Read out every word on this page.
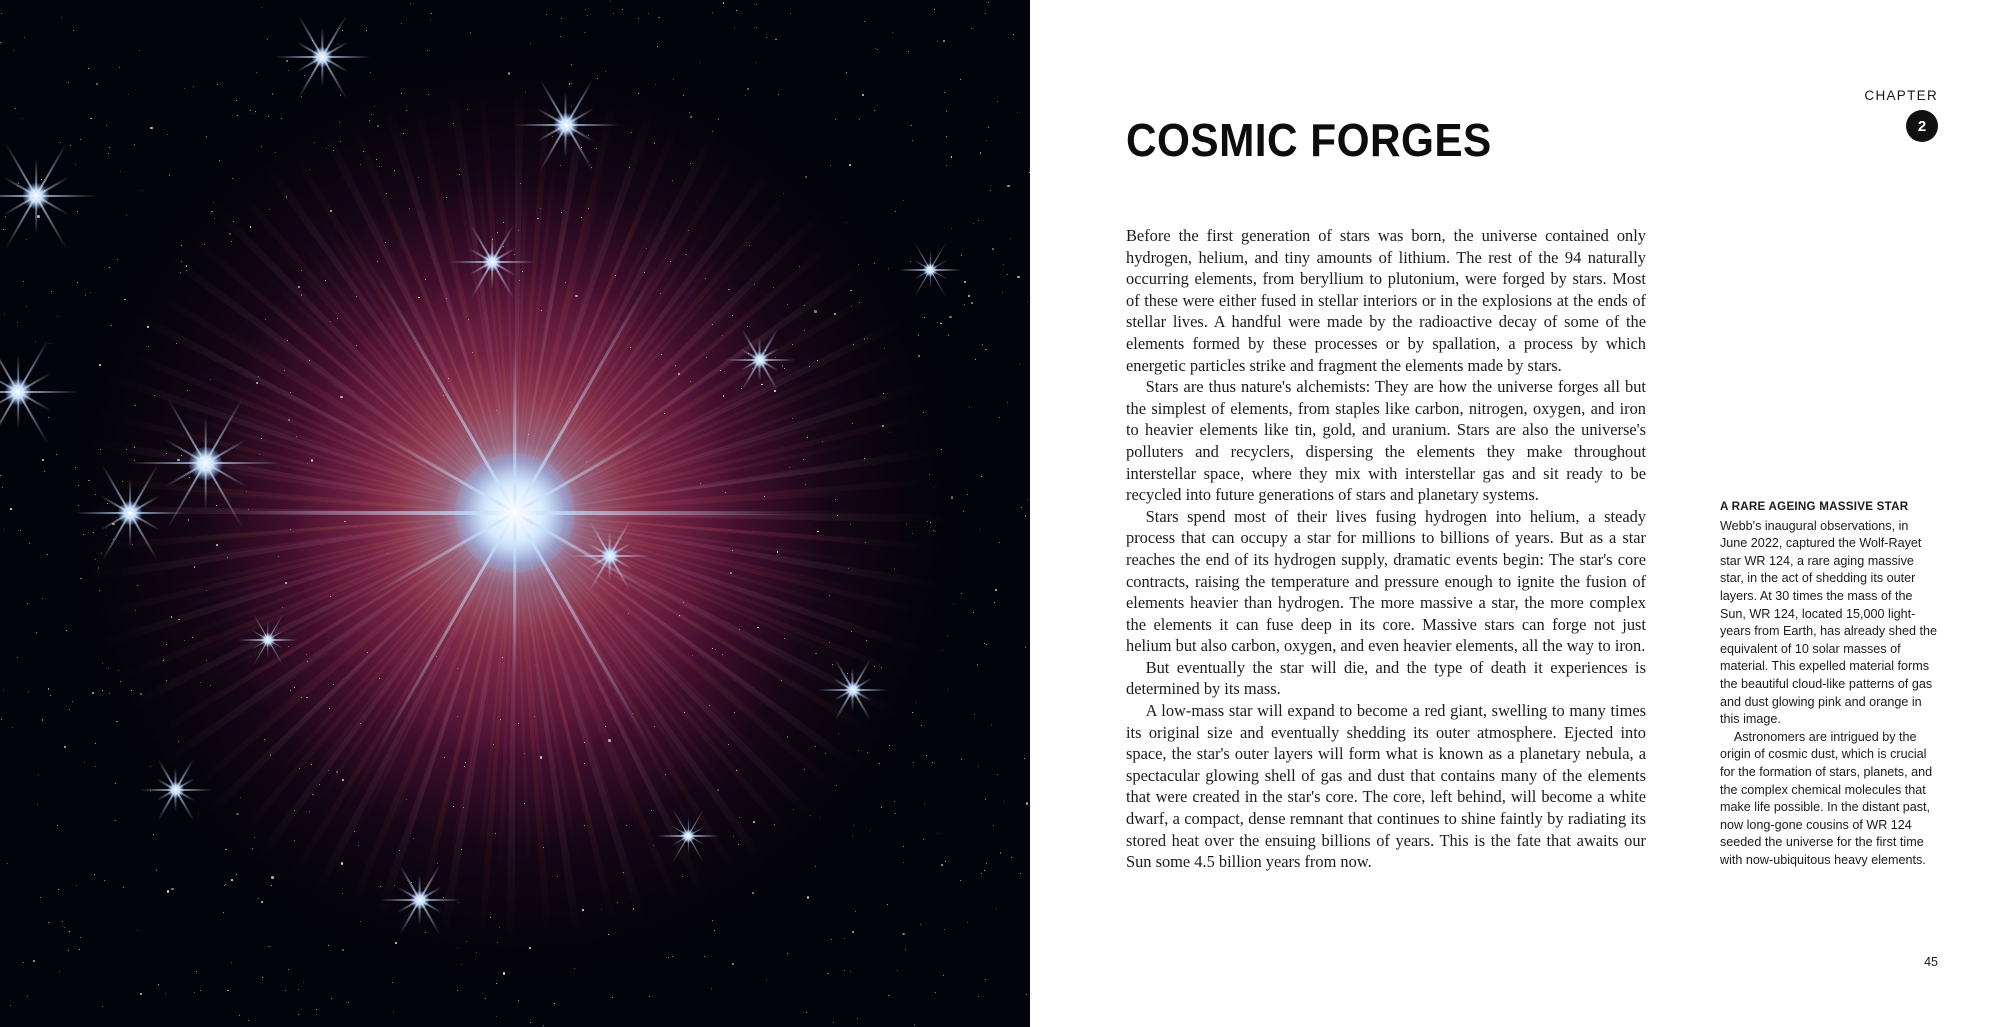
CHAPTER
2
COSMIC FORGES

Before the first generation of stars was born, the universe contained only hydrogen, helium, and tiny amounts of lithium. The rest of the 94 naturally occurring elements, from beryllium to plutonium, were forged by stars. Most of these were either fused in stellar interiors or in the explosions at the ends of stellar lives. A handful were made by the radioactive decay of some of the elements formed by these processes or by spallation, a process by which energetic particles strike and fragment the elements made by stars.

Stars are thus nature's alchemists: They are how the universe forges all but the simplest of elements, from staples like carbon, nitrogen, oxygen, and iron to heavier elements like tin, gold, and uranium. Stars are also the universe's polluters and recyclers, dispersing the elements they make throughout interstellar space, where they mix with interstellar gas and sit ready to be recycled into future generations of stars and planetary systems.

Stars spend most of their lives fusing hydrogen into helium, a steady process that can occupy a star for millions to billions of years. But as a star reaches the end of its hydrogen supply, dramatic events begin: The star's core contracts, raising the temperature and pressure enough to ignite the fusion of elements heavier than hydrogen. The more massive a star, the more complex the elements it can fuse deep in its core. Massive stars can forge not just helium but also carbon, oxygen, and even heavier elements, all the way to iron.

But eventually the star will die, and the type of death it experiences is determined by its mass.

A low-mass star will expand to become a red giant, swelling to many times its original size and eventually shedding its outer atmosphere. Ejected into space, the star's outer layers will form what is known as a planetary nebula, a spectacular glowing shell of gas and dust that contains many of the elements that were created in the star's core. The core, left behind, will become a white dwarf, a compact, dense remnant that continues to shine faintly by radiating its stored heat over the ensuing billions of years. This is the fate that awaits our Sun some 4.5 billion years from now.

A RARE AGEING MASSIVE STAR

Webb's inaugural observations, in June 2022, captured the Wolf-Rayet star WR 124, a rare aging massive star, in the act of shedding its outer layers. At 30 times the mass of the Sun, WR 124, located 15,000 light-years from Earth, has already shed the equivalent of 10 solar masses of material. This expelled material forms the beautiful cloud-like patterns of gas and dust glowing pink and orange in this image.

Astronomers are intrigued by the origin of cosmic dust, which is crucial for the formation of stars, planets, and the complex chemical molecules that make life possible. In the distant past, now long-gone cousins of WR 124 seeded the universe for the first time with now-ubiquitous heavy elements.

45
